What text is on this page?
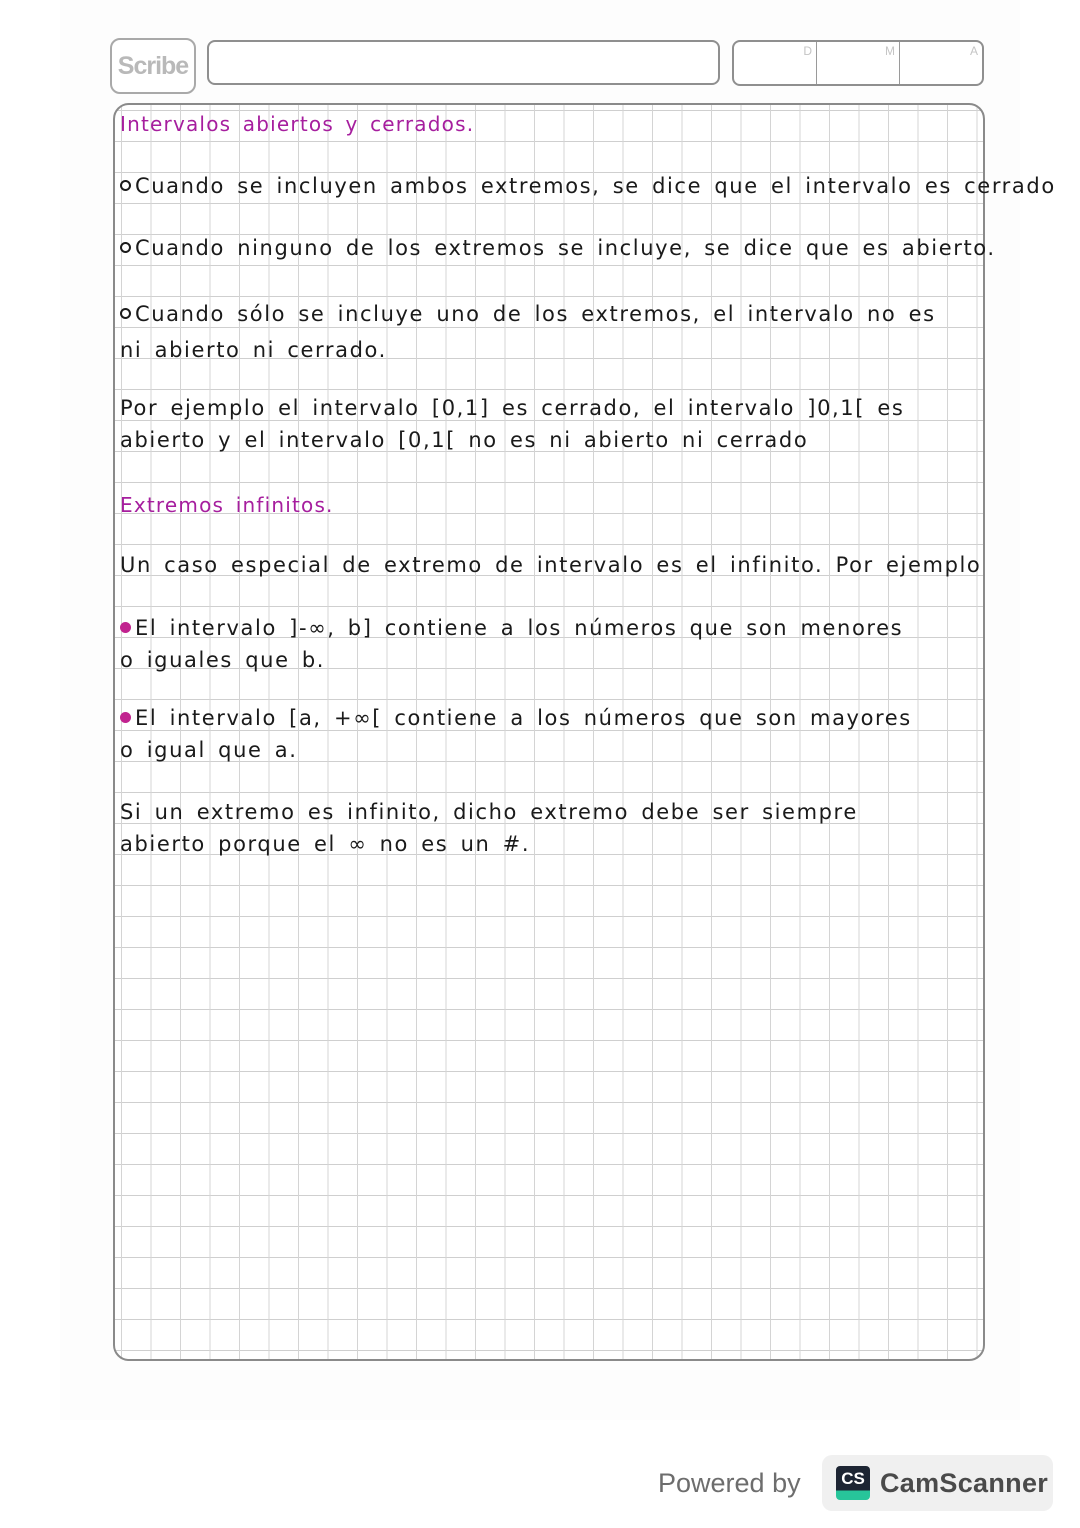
Scribe
D	M	A
Intervalos abiertos y cerrados.
Cuando se incluyen ambos extremos, se dice que el intervalo es cerrado
Cuando ninguno de los extremos se incluye, se dice que es abierto.
Cuando sólo se incluye uno de los extremos, el intervalo no es
ni abierto ni cerrado.
Por ejemplo el intervalo [0,1] es cerrado, el intervalo ]0,1[ es
abierto y el intervalo [0,1[ no es ni abierto ni cerrado
Extremos infinitos.
Un caso especial de extremo de intervalo es el infinito. Por ejemplo
El intervalo ]-∞, b] contiene a los números que son menores
o iguales que b.
El intervalo [a, +∞[ contiene a los números que son mayores
o igual que a.
Si un extremo es infinito, dicho extremo debe ser siempre
abierto porque el ∞ no es un #.
Powered by CS CamScanner
